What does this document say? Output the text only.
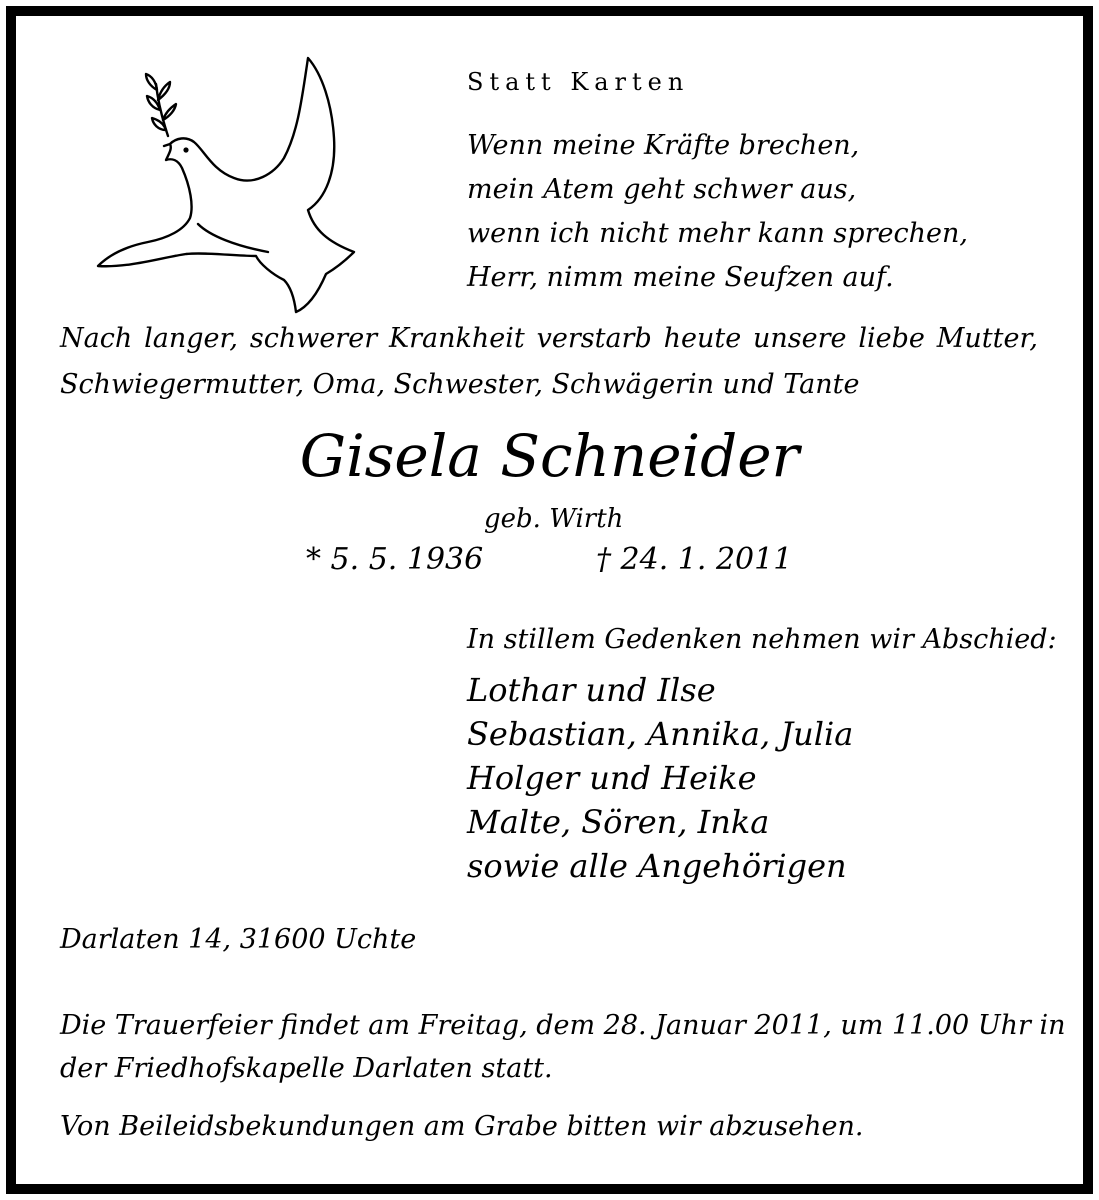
Statt Karten
Wenn meine Kräfte brechen,
mein Atem geht schwer aus,
wenn ich nicht mehr kann sprechen,
Herr, nimm meine Seufzen auf.
Nach langer, schwerer Krankheit verstarb heute unsere liebe Mutter,
Schwiegermutter, Oma, Schwester, Schwägerin und Tante
Gisela Schneider
geb. Wirth
* 5. 5. 1936	† 24. 1. 2011
In stillem Gedenken nehmen wir Abschied:
Lothar und Ilse
Sebastian, Annika, Julia
Holger und Heike
Malte, Sören, Inka
sowie alle Angehörigen
Darlaten 14, 31600 Uchte
Die Trauerfeier findet am Freitag, dem 28. Januar 2011, um 11.00 Uhr in
der Friedhofskapelle Darlaten statt.
Von Beileidsbekundungen am Grabe bitten wir abzusehen.
